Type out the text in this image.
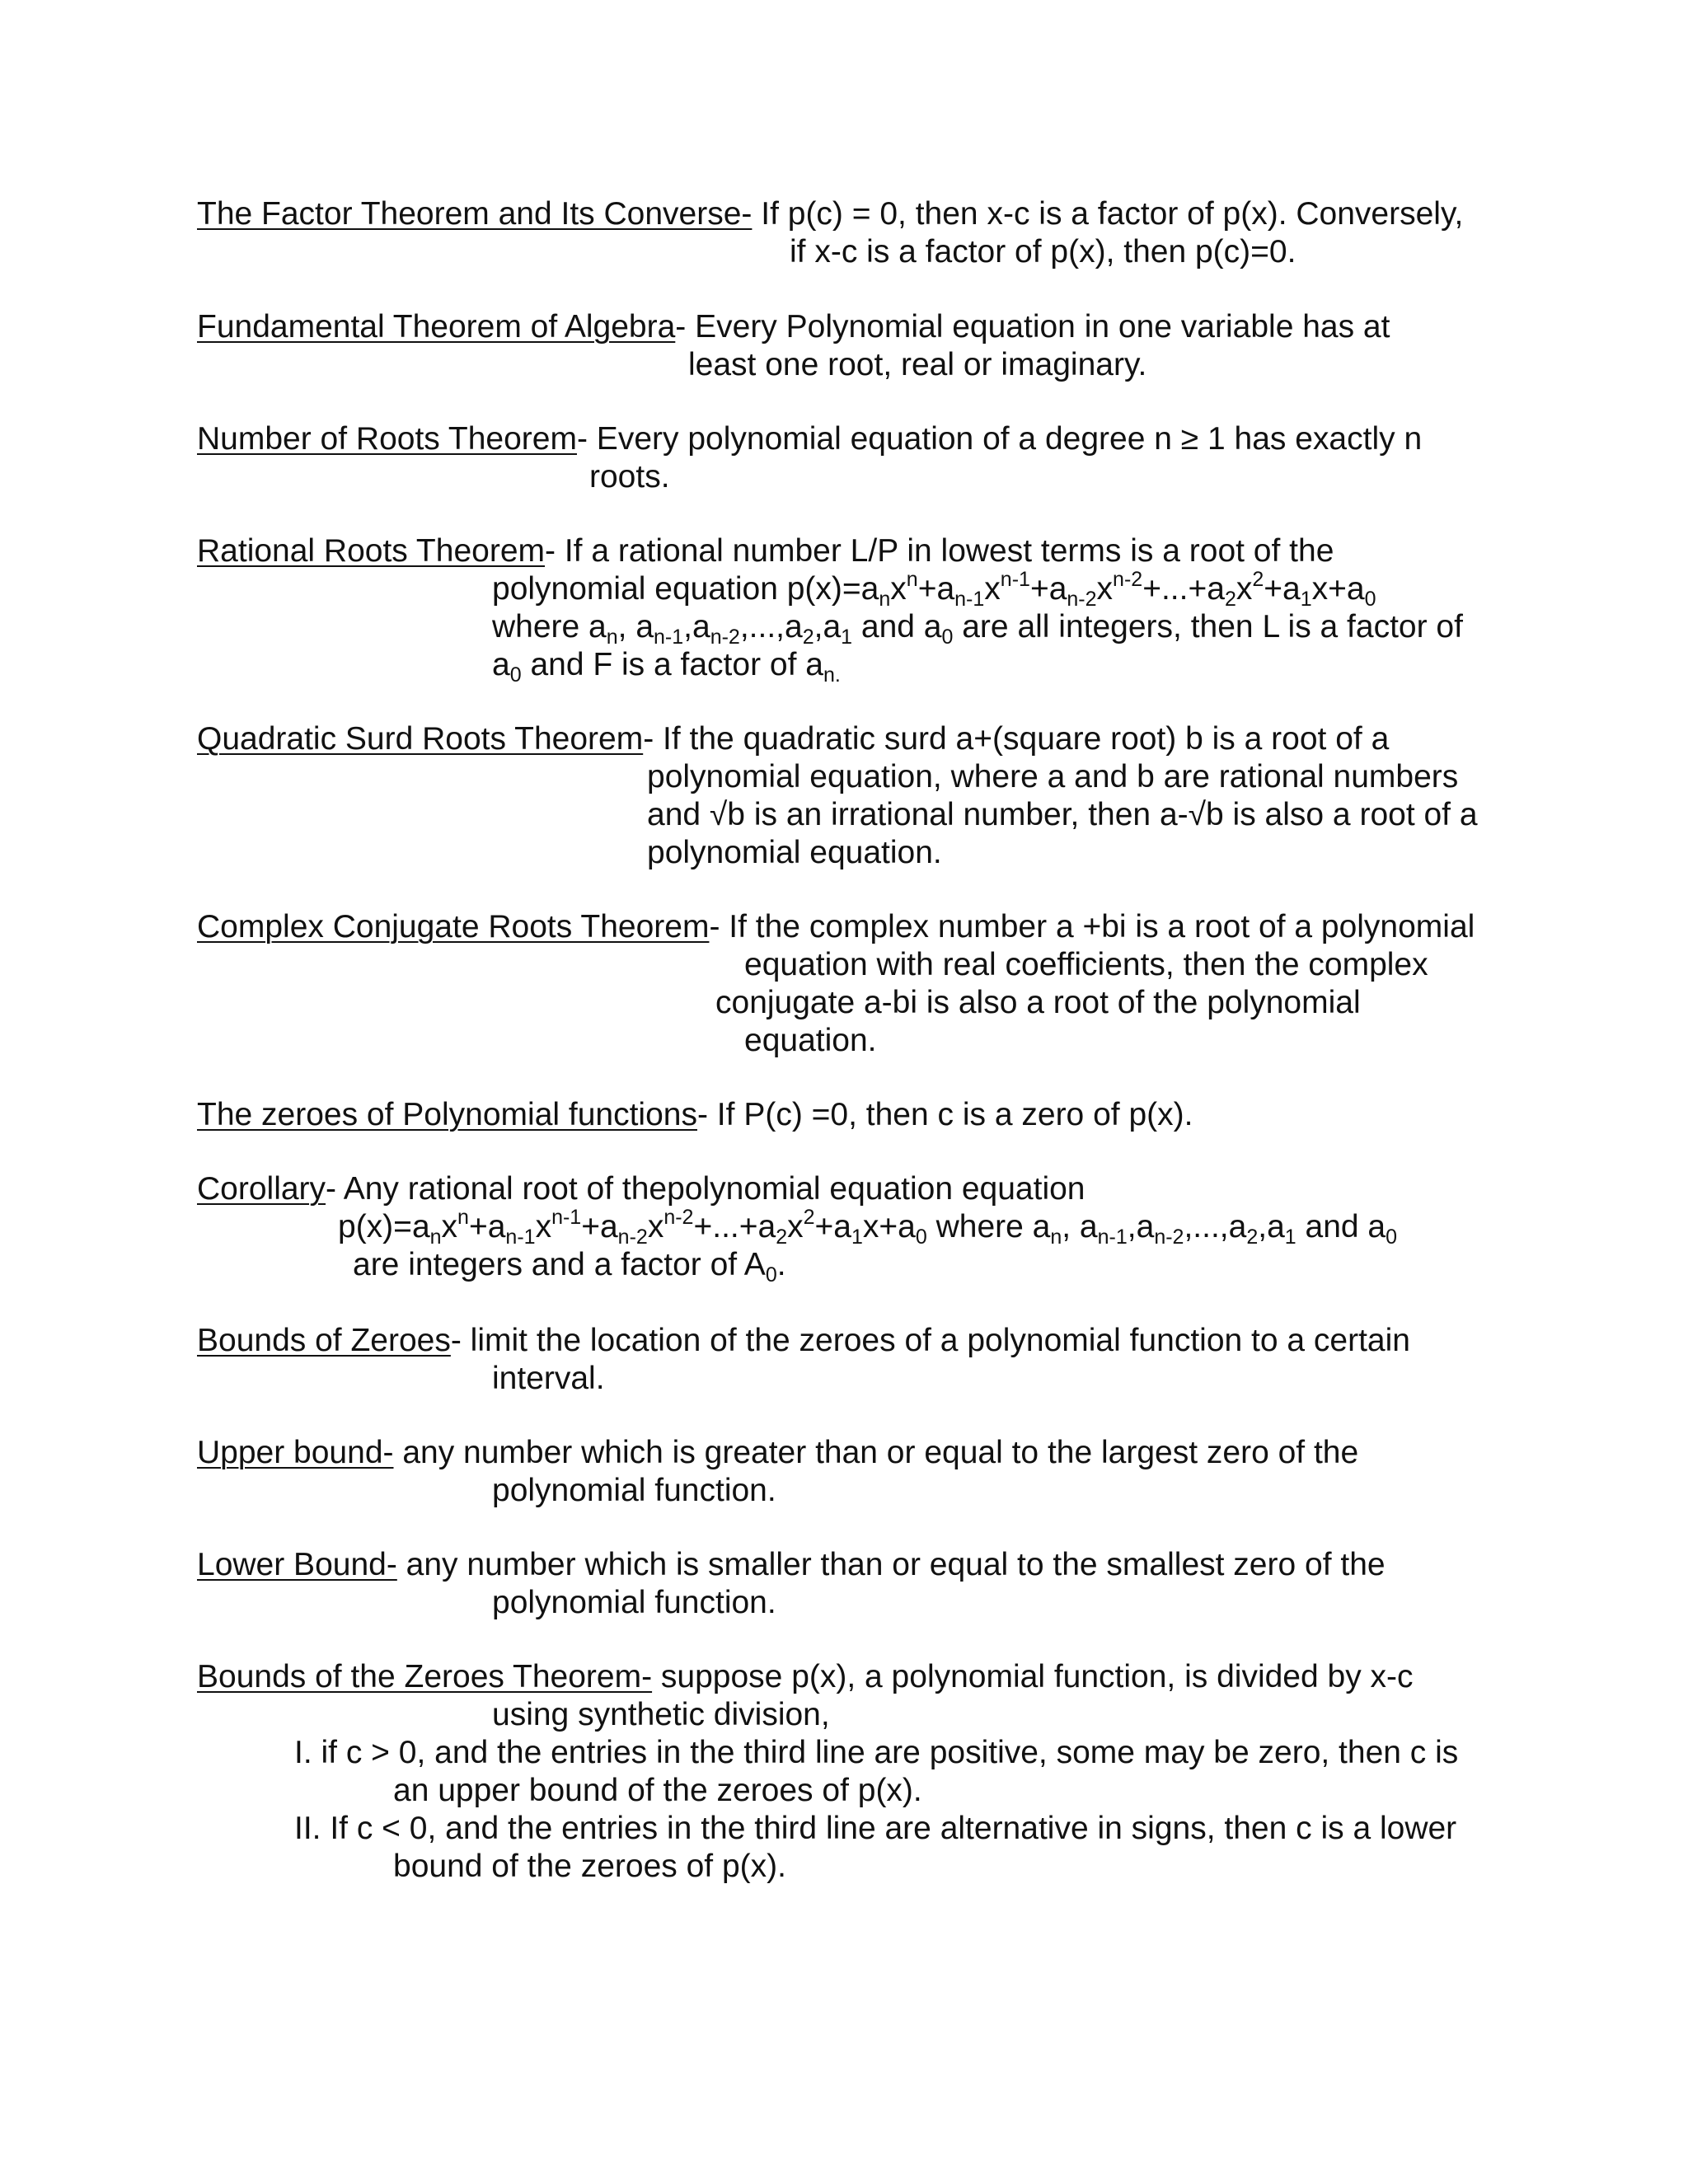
The Factor Theorem and Its Converse- If p(c) = 0, then x-c is a factor of p(x). Conversely,
if x-c is a factor of p(x), then p(c)=0.
Fundamental Theorem of Algebra- Every Polynomial equation in one variable has at
least one root, real or imaginary.
Number of Roots Theorem- Every polynomial equation of a degree n ≥ 1 has exactly n
roots.
Rational Roots Theorem- If a rational number L/P in lowest terms is a root of the
polynomial equation $p(x)=a_nx^n+a_{n-1}x^{n-1}+a_{n-2}x^{n-2}+...+a_2x^2+a_1x+a_0$
where $a_n$, $a_{n-1},a_{n-2},...,a_2,a_1$ and $a_0$ are all integers, then L is a factor of
$a_0$ and F is a factor of $a_{n.}$
Quadratic Surd Roots Theorem- If the quadratic surd a+(square root) b is a root of a
polynomial equation, where a and b are rational numbers
and √b is an irrational number, then a-√b is also a root of a
polynomial equation.
Complex Conjugate Roots Theorem- If the complex number a +bi is a root of a polynomial
equation with real coefficients, then the complex
conjugate a-bi is also a root of the polynomial
equation.
The zeroes of Polynomial functions- If P(c) =0, then c is a zero of p(x).
Corollary- Any rational root of thepolynomial equation equation
$p(x)=a_nx^n+a_{n-1}x^{n-1}+a_{n-2}x^{n-2}+...+a_2x^2+a_1x+a_0$ where $a_n$, $a_{n-1},a_{n-2},...,a_2,a_1$ and $a_0$
are integers and a factor of $A_0$.
Bounds of Zeroes- limit the location of the zeroes of a polynomial function to a certain
interval.
Upper bound- any number which is greater than or equal to the largest zero of the
polynomial function.
Lower Bound- any number which is smaller than or equal to the smallest zero of the
polynomial function.
Bounds of the Zeroes Theorem- suppose p(x), a polynomial function, is divided by x-c
using synthetic division,
I. if c > 0, and the entries in the third line are positive, some may be zero, then c is
an upper bound of the zeroes of p(x).
II. If c < 0, and the entries in the third line are alternative in signs, then c is a lower
bound of the zeroes of p(x).
